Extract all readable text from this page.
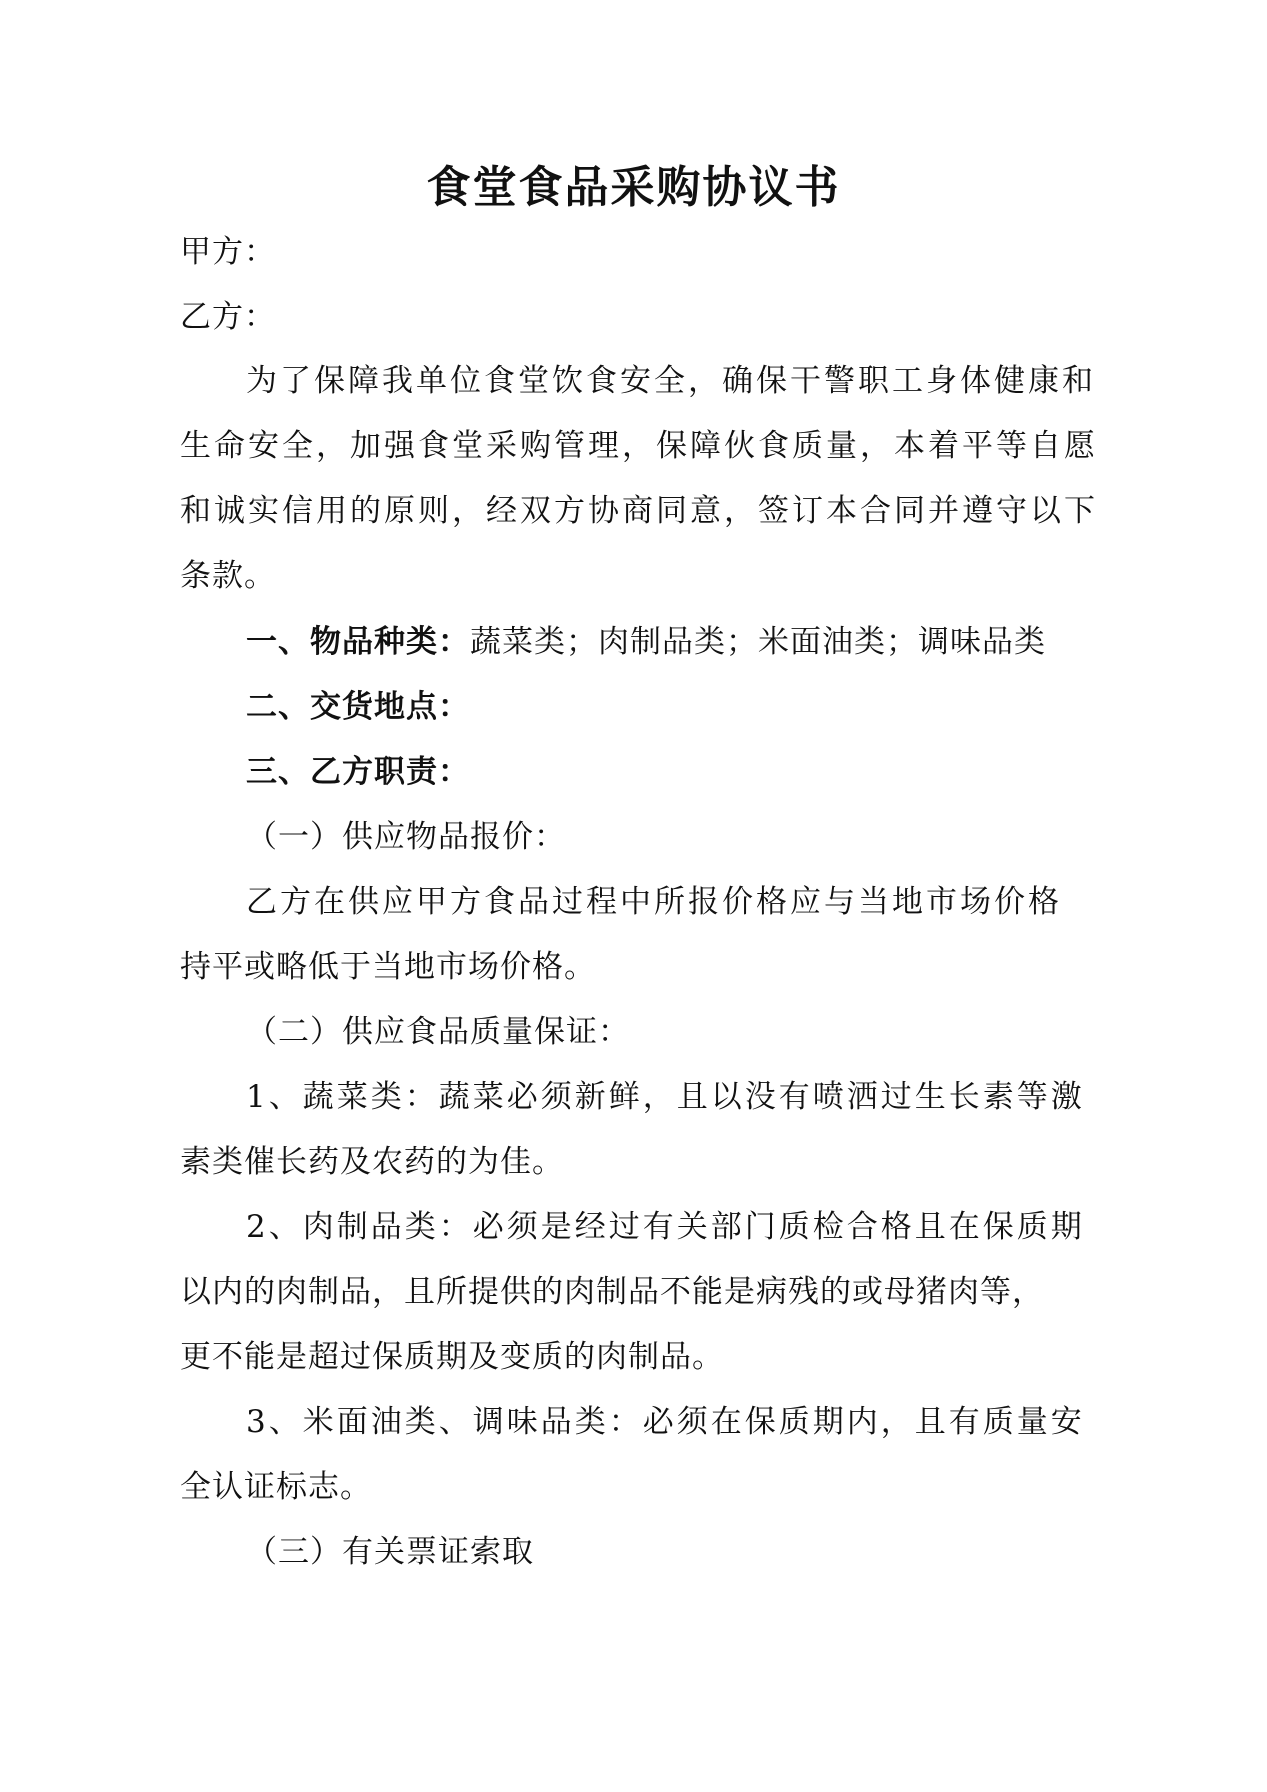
食堂食品采购协议书
甲方：
乙方：
为了保障我单位食堂饮食安全，确保干警职工身体健康和
生命安全，加强食堂采购管理，保障伙食质量，本着平等自愿
和诚实信用的原则，经双方协商同意，签订本合同并遵守以下
条款。
一、物品种类：蔬菜类；肉制品类；米面油类；调味品类
二、交货地点：
三、乙方职责：
（一）供应物品报价：
乙方在供应甲方食品过程中所报价格应与当地市场价格
持平或略低于当地市场价格。
（二）供应食品质量保证：
1、蔬菜类：蔬菜必须新鲜，且以没有喷洒过生长素等激
素类催长药及农药的为佳。
2、肉制品类：必须是经过有关部门质检合格且在保质期
以内的肉制品，且所提供的肉制品不能是病残的或母猪肉等，
更不能是超过保质期及变质的肉制品。
3、米面油类、调味品类：必须在保质期内，且有质量安
全认证标志。
（三）有关票证索取
